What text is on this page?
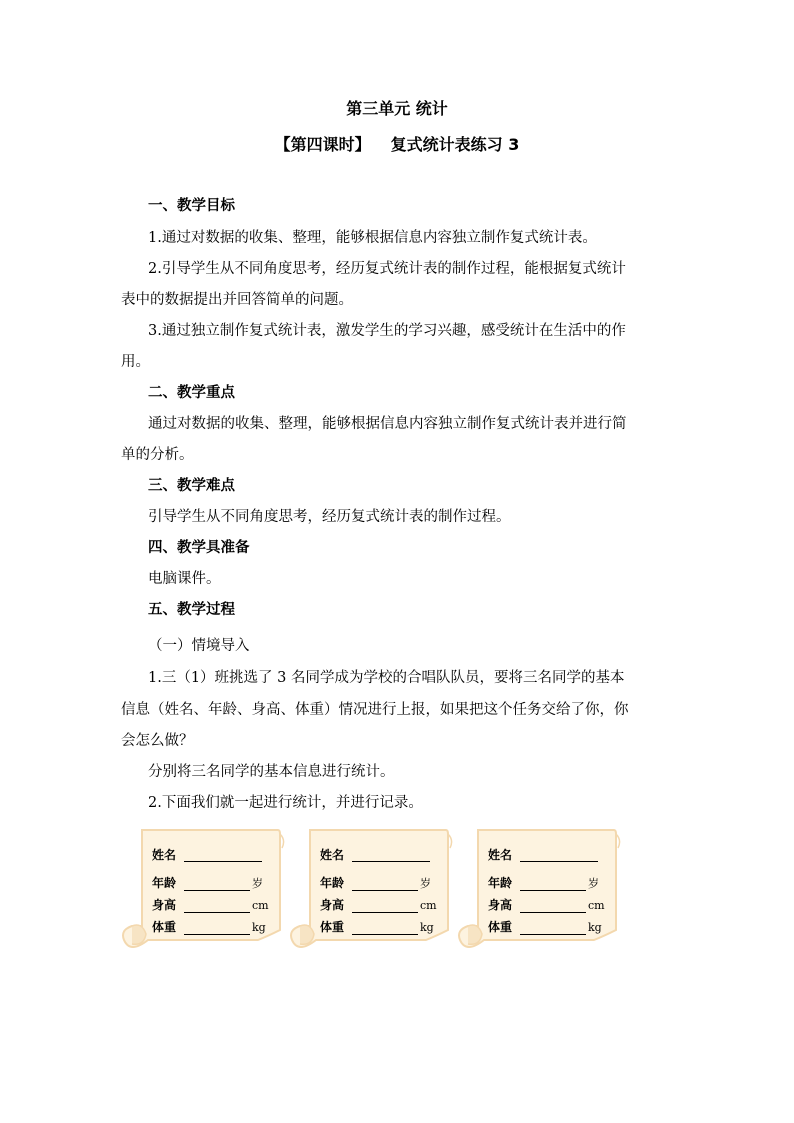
第三单元 统计
【第四课时】 复式统计表练习 3
一、教学目标
1.通过对数据的收集、整理，能够根据信息内容独立制作复式统计表。
2.引导学生从不同角度思考，经历复式统计表的制作过程，能根据复式统计
表中的数据提出并回答简单的问题。
3.通过独立制作复式统计表，激发学生的学习兴趣，感受统计在生活中的作
用。
二、教学重点
通过对数据的收集、整理，能够根据信息内容独立制作复式统计表并进行简
单的分析。
三、教学难点
引导学生从不同角度思考，经历复式统计表的制作过程。
四、教学具准备
电脑课件。
五、教学过程
（一）情境导入
1.三（1）班挑选了 3 名同学成为学校的合唱队队员，要将三名同学的基本
信息（姓名、年龄、身高、体重）情况进行上报，如果把这个任务交给了你，你
会怎么做？
分别将三名同学的基本信息进行统计。
2.下面我们就一起进行统计，并进行记录。
姓名
年龄	岁
身高	cm
体重	kg
姓名
年龄	岁
身高	cm
体重	kg
姓名
年龄	岁
身高	cm
体重	kg
